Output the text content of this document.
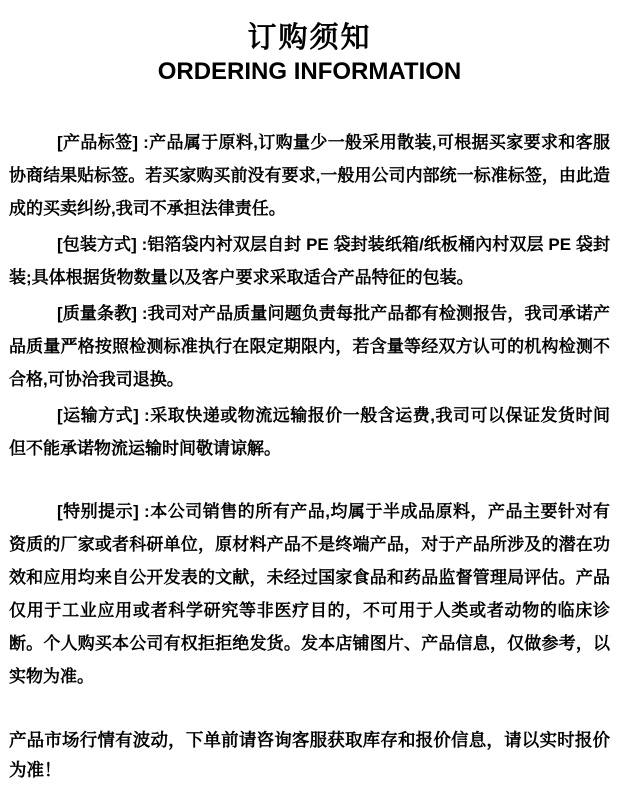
订购须知
ORDERING INFORMATION

[产品标签] :产品属于原料,订购量少一般采用散装,可根据买家要求和客服协商结果贴标签。若买家购买前没有要求,一般用公司内部统一标准标签，由此造成的买卖纠纷,我司不承担法律责任。

[包装方式] :铝箔袋内衬双层自封 PE 袋封装纸箱/纸板桶內村双层 PE 袋封装;具体根据货物数量以及客户要求采取适合产品特征的包装。

[质量条教] :我司对产品质量问题负责每批产品都有检测报告，我司承诺产品质量严格按照检测标准执行在限定期限内，若含量等经双方认可的机构检测不合格,可协洽我司退换。

[运输方式] :采取快递或物流远输报价一般含运费,我司可以保证发货时间但不能承诺物流运输时间敬请谅解。

[特别提示] :本公司销售的所有产品,均属于半成品原料，产品主要针对有资质的厂家或者科研单位，原材料产品不是终端产品，对于产品所涉及的潜在功效和应用均来自公开发表的文献，未经过国家食品和药品监督管理局评估。产品仅用于工业应用或者科学研究等非医疗目的，不可用于人类或者动物的临床诊断。个人购买本公司有权拒拒绝发货。发本店铺图片、产品信息，仅做参考，以实物为准。

产品市场行情有波动，下单前请咨询客服获取库存和报价信息，请以实时报价为准！
